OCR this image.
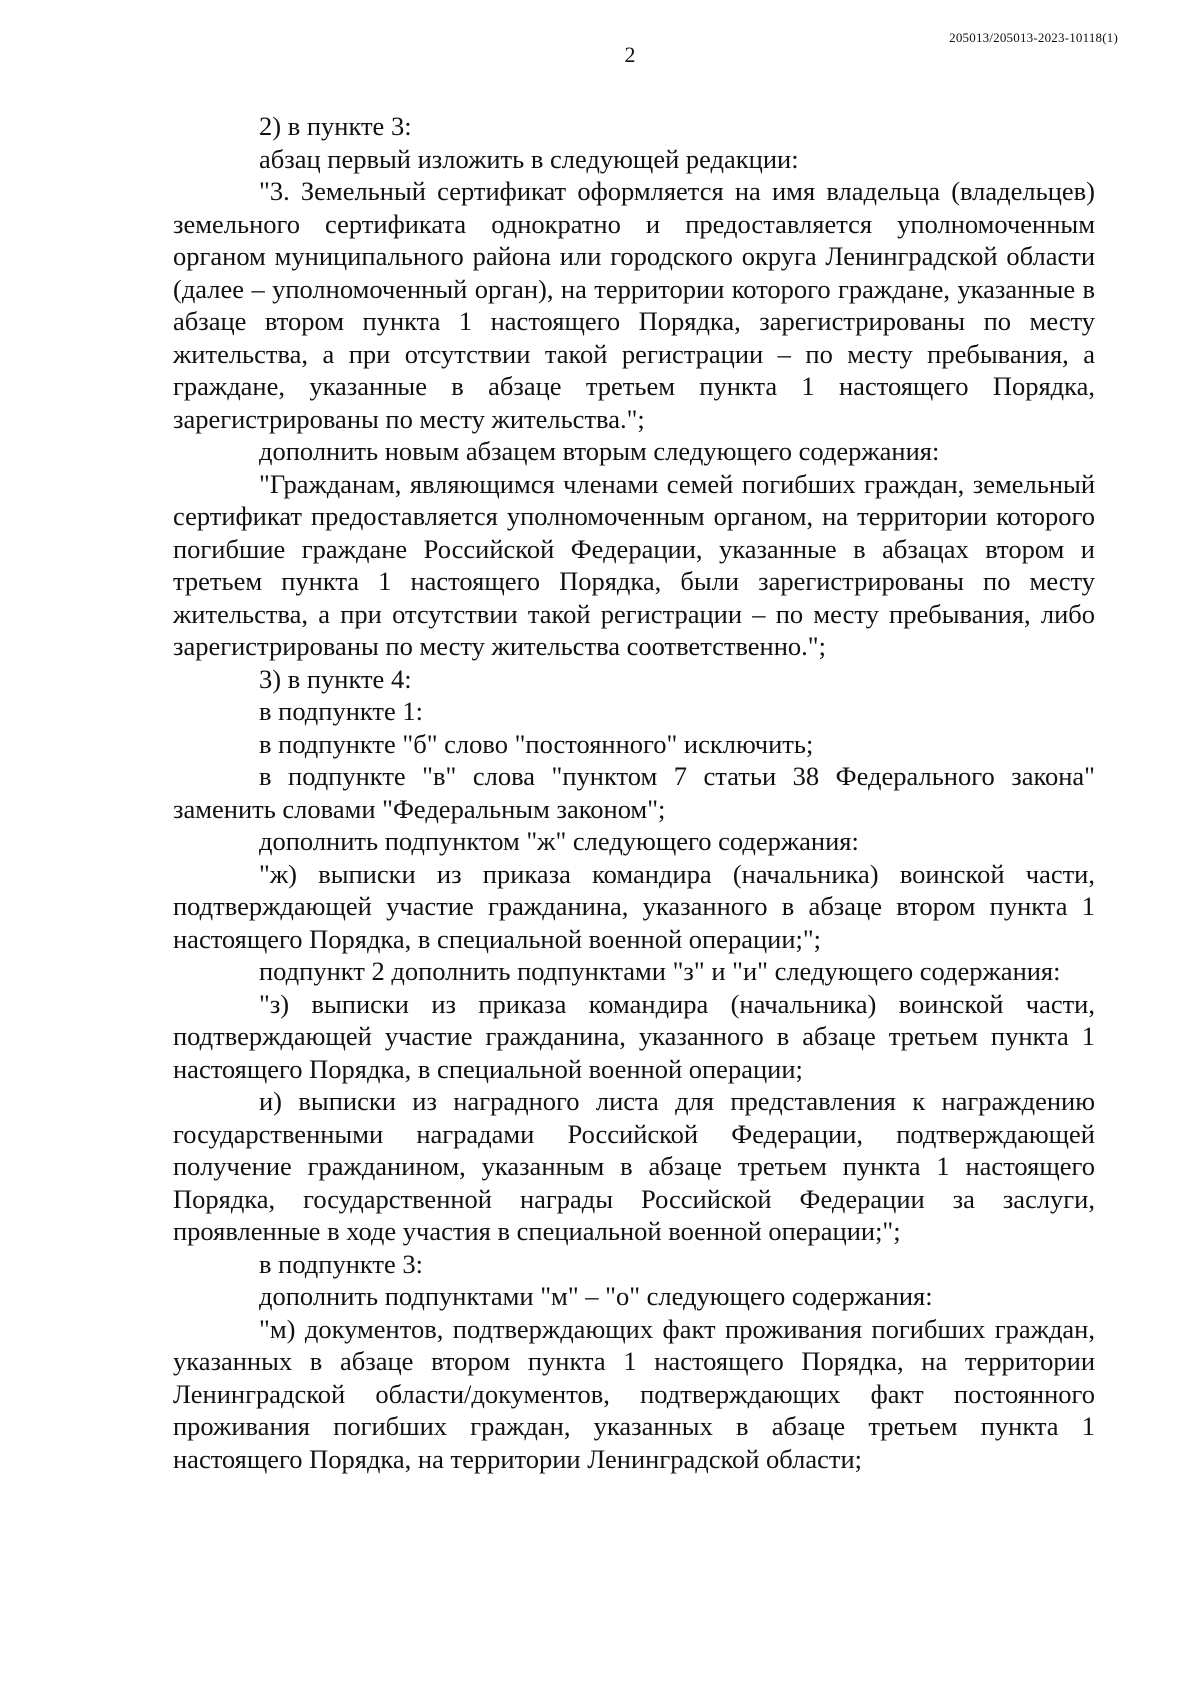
205013/205013-2023-10118(1)
2

2) в пункте 3:

абзац первый изложить в следующей редакции:

"3. Земельный сертификат оформляется на имя владельца (владельцев) земельного сертификата однократно и предоставляется уполномоченным органом муниципального района или городского округа Ленинградской области (далее – уполномоченный орган), на территории которого граждане, указанные в абзаце втором пункта 1 настоящего Порядка, зарегистрированы по месту жительства, а при отсутствии такой регистрации – по месту пребывания, а граждане, указанные в абзаце третьем пункта 1 настоящего Порядка, зарегистрированы по месту жительства.";

дополнить новым абзацем вторым следующего содержания:

"Гражданам, являющимся членами семей погибших граждан, земельный сертификат предоставляется уполномоченным органом, на территории которого погибшие граждане Российской Федерации, указанные в абзацах втором и третьем пункта 1 настоящего Порядка, были зарегистрированы по месту жительства, а при отсутствии такой регистрации – по месту пребывания, либо зарегистрированы по месту жительства соответственно.";

3) в пункте 4:

в подпункте 1:

в подпункте "б" слово "постоянного" исключить;

в подпункте "в" слова "пунктом 7 статьи 38 Федерального закона" заменить словами "Федеральным законом";

дополнить подпунктом "ж" следующего содержания:

"ж) выписки из приказа командира (начальника) воинской части, подтверждающей участие гражданина, указанного в абзаце втором пункта 1 настоящего Порядка, в специальной военной операции;";

подпункт 2 дополнить подпунктами "з" и "и" следующего содержания:

"з) выписки из приказа командира (начальника) воинской части, подтверждающей участие гражданина, указанного в абзаце третьем пункта 1 настоящего Порядка, в специальной военной операции;

и) выписки из наградного листа для представления к награждению государственными наградами Российской Федерации, подтверждающей получение гражданином, указанным в абзаце третьем пункта 1 настоящего Порядка, государственной награды Российской Федерации за заслуги, проявленные в ходе участия в специальной военной операции;";

в подпункте 3:

дополнить подпунктами "м" – "о" следующего содержания:

"м) документов, подтверждающих факт проживания погибших граждан, указанных в абзаце втором пункта 1 настоящего Порядка, на территории Ленинградской области/документов, подтверждающих факт постоянного проживания погибших граждан, указанных в абзаце третьем пункта 1 настоящего Порядка, на территории Ленинградской области;
